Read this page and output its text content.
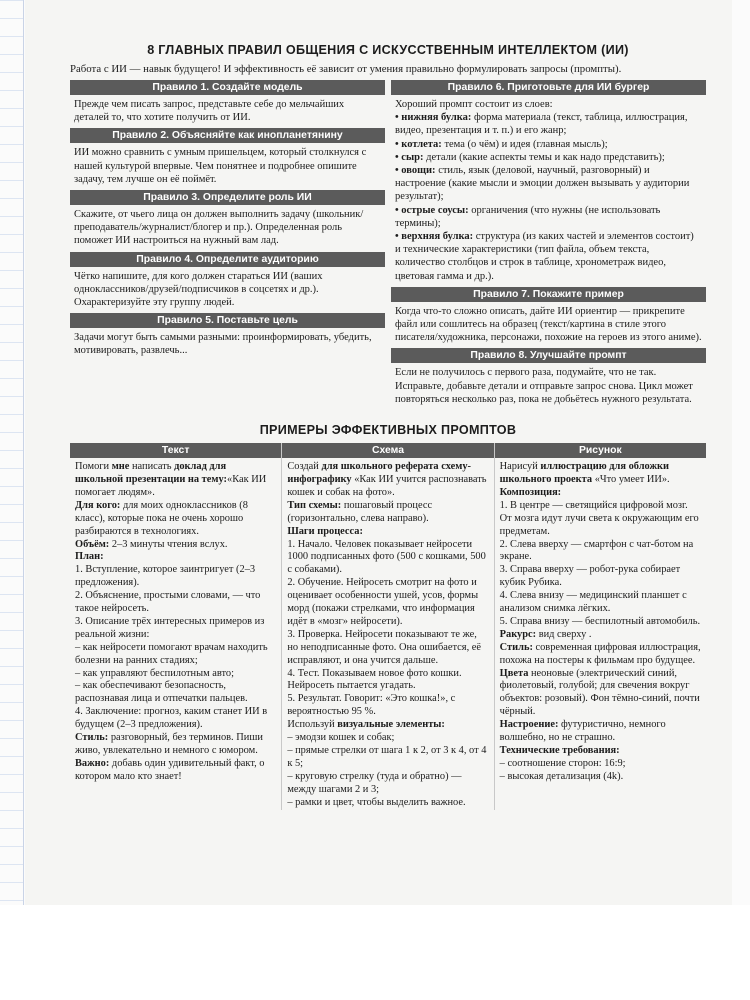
8 ГЛАВНЫХ ПРАВИЛ ОБЩЕНИЯ С ИСКУССТВЕННЫМ ИНТЕЛЛЕКТОМ (ИИ)
Работа с ИИ — навык будущего! И эффективность её зависит от умения правильно формулировать запросы (промпты).
Правило 1. Создайте модель

Прежде чем писать запрос, представьте себе до мельчайших деталей то, что хотите получить от ИИ.

Правило 2. Объясняйте как инопланетянину

ИИ можно сравнить с умным пришельцем, который столкнулся с нашей культурой впервые. Чем понятнее и подробнее опишите задачу, тем лучше он её поймёт.

Правило 3. Определите роль ИИ

Скажите, от чьего лица он должен выполнить задачу (школьник/преподаватель/журналист/блогер и пр.). Определенная роль поможет ИИ настроиться на нужный вам лад.

Правило 4. Определите аудиторию

Чётко напишите, для кого должен стараться ИИ (ваших одноклассников/друзей/подписчиков в соцсетях и др.). Охарактеризуйте эту группу людей.

Правило 5. Поставьте цель

Задачи могут быть самыми разными: проинформировать, убедить, мотивировать, развлечь...

Правило 6. Приготовьте для ИИ бургер

Хороший промпт состоит из слоев:

• нижняя булка: форма материала (текст, таблица, иллюстрация, видео, презентация и т. п.) и его жанр;

• котлета: тема (о чём) и идея (главная мысль);

• сыр: детали (какие аспекты темы и как надо представить);

• овощи: стиль, язык (деловой, научный, разговорный) и настроение (какие мысли и эмоции должен вызывать у аудитории результат);

• острые соусы: органичения (что нужны (не использовать термины);

• верхняя булка: структура (из каких частей и элементов состоит) и технические характеристики (тип файла, объем текста, количество столбцов и строк в таблице, хронометраж видео, цветовая гамма и др.).

Правило 7. Покажите пример

Когда что-то сложно описать, дайте ИИ ориентир — прикрепите файл или сошлитесь на образец (текст/картина в стиле этого писателя/художника, персонажи, похожие на героев из этого аниме).

Правило 8. Улучшайте промпт

Если не получилось с первого раза, подумайте, что не так. Исправьте, добавьте детали и отправьте запрос снова. Цикл может повторяться несколько раз, пока не добьётесь нужного результата.

ПРИМЕРЫ ЭФФЕКТИВНЫХ ПРОМПТОВ
Текст

Помоги мне написать доклад для школьной презентации на тему:«Как ИИ помогает людям».

Для кого: для моих одноклассников (8 класс), которые пока не очень хорошо разбираются в технологиях.

Объём: 2–3 минуты чтения вслух.

План:

1. Вступление, которое заинтригует (2–3 предложения).

2. Объяснение, простыми словами, — что такое нейросеть.

3. Описание трёх интересных примеров из реальной жизни:

– как нейросети помогают врачам находить болезни на ранних стадиях;

– как управляют беспилотным авто;

– как обеспечивают безопасность, распознавая лица и отпечатки пальцев.

4. Заключение: прогноз, каким станет ИИ в будущем (2–3 предложения).

Стиль: разговорный, без терминов. Пиши живо, увлекательно и немного с юмором.

Важно: добавь один удивительный факт, о котором мало кто знает!

Схема

Создай для школьного реферата схему-инфографику «Как ИИ учится распознавать кошек и собак на фото».

Тип схемы: пошаговый процесс (горизонтально, слева направо).

Шаги процесса:

1. Начало. Человек показывает нейросети 1000 подписанных фото (500 с кошками, 500 с собаками).

2. Обучение. Нейросеть смотрит на фото и оценивает особенности ушей, усов, формы морд (покажи стрелками, что информация идёт в «мозг» нейросети).

3. Проверка. Нейросети показывают те же, но неподписанные фото. Она ошибается, её исправляют, и она учится дальше.

4. Тест. Показываем новое фото кошки. Нейросеть пытается угадать.

5. Результат. Говорит: «Это кошка!», с вероятностью 95 %.

Используй визуальные элементы:

– эмодзи кошек и собак;

– прямые стрелки от шага 1 к 2, от 3 к 4, от 4 к 5;

– круговую стрелку (туда и обратно) — между шагами 2 и 3;

– рамки и цвет, чтобы выделить важное.

Рисунок

Нарисуй иллюстрацию для обложки школьного проекта «Что умеет ИИ».

Композиция:

1. В центре — светящийся цифровой мозг. От мозга идут лучи света к окружающим его предметам.

2. Слева вверху — смартфон с чат-ботом на экране.

3. Справа вверху — робот-рука собирает кубик Рубика.

4. Слева внизу — медицинский планшет с анализом снимка лёгких.

5. Справа внизу — беспилотный автомобиль.

Ракурс: вид сверху .

Стиль: современная цифровая иллюстрация, похожа на постеры к фильмам про будущее.

Цвета неоновые (электрический синий, фиолетовый, голубой; для свечения вокруг объектов: розовый). Фон тёмно-синий, почти чёрный.

Настроение: футуристично, немного волшебно, но не страшно.

Технические требования:

– соотношение сторон: 16:9;

– высокая детализация (4k).
